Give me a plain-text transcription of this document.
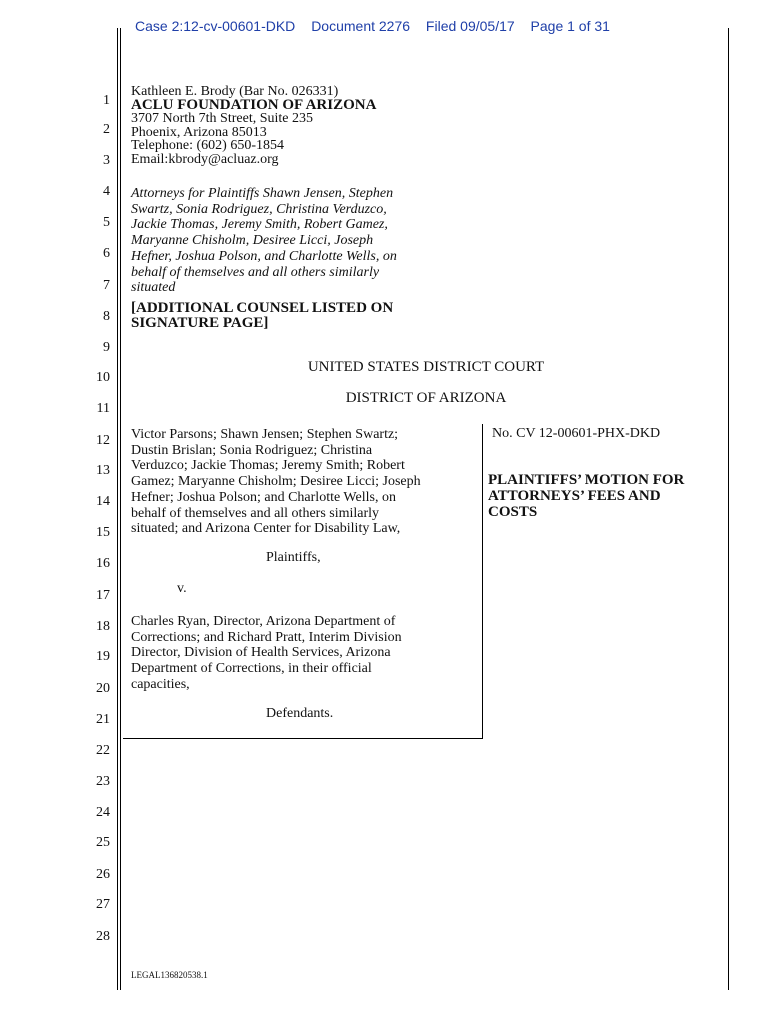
Case 2:12-cv-00601-DKD Document 2276 Filed 09/05/17 Page 1 of 31
1
2
3
4
5
6
7
8
9
10
11
12
13
14
15
16
17
18
19
20
21
22
23
24
25
26
27
28
Kathleen E. Brody (Bar No. 026331)
ACLU FOUNDATION OF ARIZONA
3707 North 7th Street, Suite 235
Phoenix, Arizona 85013
Telephone: (602) 650-1854
Email:kbrody@acluaz.org
Attorneys for Plaintiffs Shawn Jensen, Stephen
Swartz, Sonia Rodriguez, Christina Verduzco,
Jackie Thomas, Jeremy Smith, Robert Gamez,
Maryanne Chisholm, Desiree Licci, Joseph
Hefner, Joshua Polson, and Charlotte Wells, on
behalf of themselves and all others similarly
situated
[ADDITIONAL COUNSEL LISTED ON
SIGNATURE PAGE]
UNITED STATES DISTRICT COURT
DISTRICT OF ARIZONA
Victor Parsons; Shawn Jensen; Stephen Swartz;
Dustin Brislan; Sonia Rodriguez; Christina
Verduzco; Jackie Thomas; Jeremy Smith; Robert
Gamez; Maryanne Chisholm; Desiree Licci; Joseph
Hefner; Joshua Polson; and Charlotte Wells, on
behalf of themselves and all others similarly
situated; and Arizona Center for Disability Law,
Plaintiffs,
v.
Charles Ryan, Director, Arizona Department of
Corrections; and Richard Pratt, Interim Division
Director, Division of Health Services, Arizona
Department of Corrections, in their official
capacities,
Defendants.
No. CV 12-00601-PHX-DKD
PLAINTIFFS’ MOTION FOR
ATTORNEYS’ FEES AND
COSTS
LEGAL136820538.1
